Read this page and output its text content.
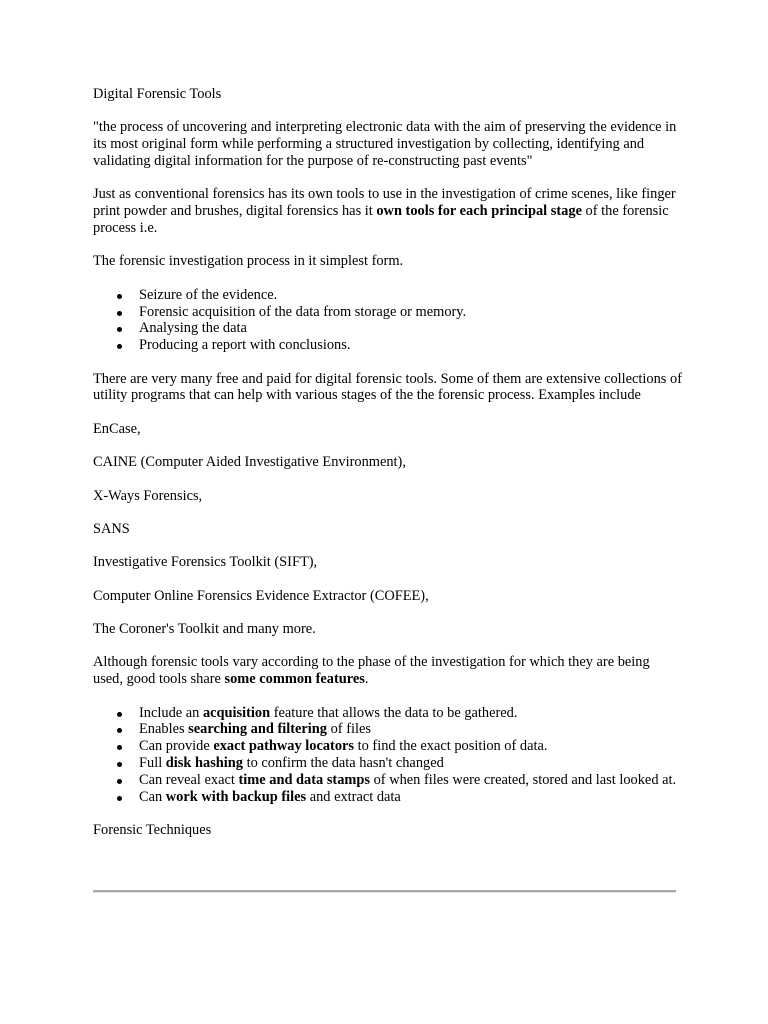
Digital Forensic Tools

"the process of uncovering and interpreting electronic data with the aim of preserving the evidence in its most original form while performing a structured investigation by collecting, identifying and validating digital information for the purpose of re-constructing past events"

Just as conventional forensics has its own tools to use in the investigation of crime scenes, like finger print powder and brushes, digital forensics has it own tools for each principal stage of the forensic process i.e.

The forensic investigation process in it simplest form.

Seizure of the evidence.
Forensic acquisition of the data from storage or memory.
Analysing the data
Producing a report with conclusions.

There are very many free and paid for digital forensic tools. Some of them are extensive collections of utility programs that can help with various stages of the the forensic process. Examples include

EnCase,

CAINE (Computer Aided Investigative Environment),

X-Ways Forensics,

SANS

Investigative Forensics Toolkit (SIFT),

Computer Online Forensics Evidence Extractor (COFEE),

The Coroner's Toolkit and many more.

Although forensic tools vary according to the phase of the investigation for which they are being used, good tools share some common features.

Include an acquisition feature that allows the data to be gathered.
Enables searching and filtering of files
Can provide exact pathway locators to find the exact position of data.
Full disk hashing to confirm the data hasn't changed
Can reveal exact time and data stamps of when files were created, stored and last looked at.
Can work with backup files and extract data

Forensic Techniques
